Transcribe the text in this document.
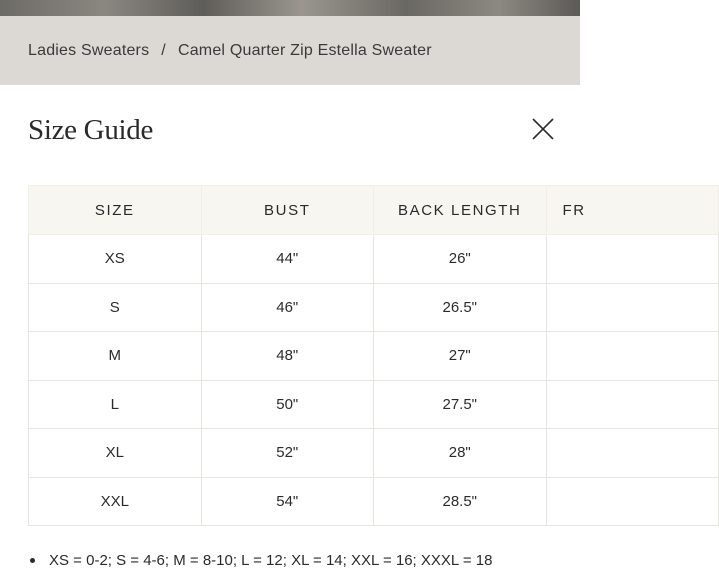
Ladies Sweaters / Camel Quarter Zip Estella Sweater
Size Guide
SIZE	BUST	BACK LENGTH	FR
XS	44"	26"	
S	46"	26.5"	
M	48"	27"	
L	50"	27.5"	
XL	52"	28"	
XXL	54"	28.5"	
XS = 0-2; S = 4-6; M = 8-10; L = 12; XL = 14; XXL = 16; XXXL = 18
